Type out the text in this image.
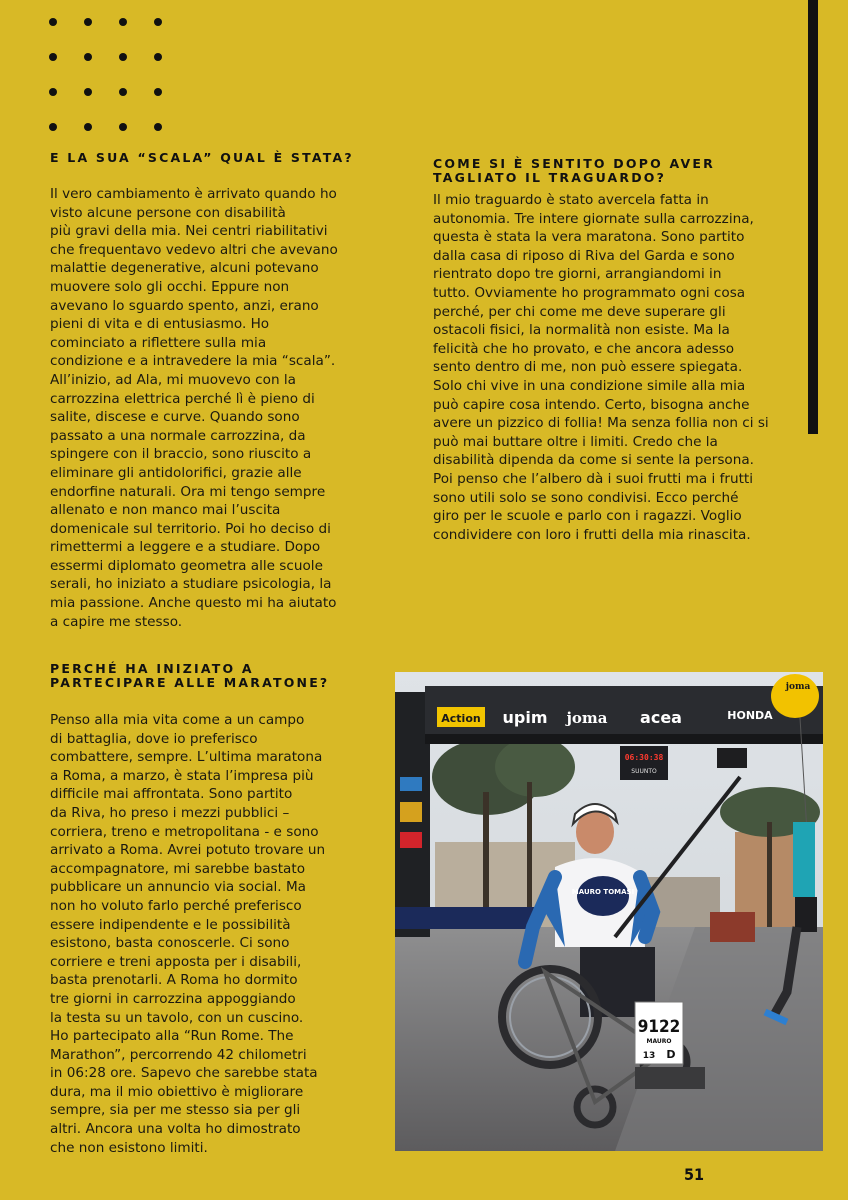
E LA SUA “SCALA” QUAL È STATA?

Il vero cambiamento è arrivato quando ho
visto alcune persone con disabilità
più gravi della mia. Nei centri riabilitativi
che frequentavo vedevo altri che avevano
malattie degenerative, alcuni potevano
muovere solo gli occhi. Eppure non
avevano lo sguardo spento, anzi, erano
pieni di vita e di entusiasmo. Ho
cominciato a riflettere sulla mia
condizione e a intravedere la mia “scala”.
All’inizio, ad Ala, mi muovevo con la
carrozzina elettrica perché lì è pieno di
salite, discese e curve. Quando sono
passato a una normale carrozzina, da
spingere con il braccio, sono riuscito a
eliminare gli antidolorifici, grazie alle
endorfine naturali. Ora mi tengo sempre
allenato e non manco mai l’uscita
domenicale sul territorio. Poi ho deciso di
rimettermi a leggere e a studiare. Dopo
essermi diplomato geometra alle scuole
serali, ho iniziato a studiare psicologia, la
mia passione. Anche questo mi ha aiutato
a capire me stesso.

COME SI È SENTITO DOPO AVER TAGLIATO IL TRAGUARDO?

Il mio traguardo è stato avercela fatta in
autonomia. Tre intere giornate sulla carrozzina,
questa è stata la vera maratona. Sono partito
dalla casa di riposo di Riva del Garda e sono
rientrato dopo tre giorni, arrangiandomi in
tutto. Ovviamente ho programmato ogni cosa
perché, per chi come me deve superare gli
ostacoli fisici, la normalità non esiste. Ma la
felicità che ho provato, e che ancora adesso
sento dentro di me, non può essere spiegata.
Solo chi vive in una condizione simile alla mia
può capire cosa intendo. Certo, bisogna anche
avere un pizzico di follia! Ma senza follia non ci si
può mai buttare oltre i limiti. Credo che la
disabilità dipenda da come si sente la persona.
Poi penso che l’albero dà i suoi frutti ma i frutti
sono utili solo se sono condivisi. Ecco perché
giro per le scuole e parlo con i ragazzi. Voglio
condividere con loro i frutti della mia rinascita.

PERCHÉ HA INIZIATO A PARTECIPARE ALLE MARATONE?

Penso alla mia vita come a un campo
di battaglia, dove io preferisco
combattere, sempre. L’ultima maratona
a Roma, a marzo, è stata l’impresa più
difficile mai affrontata. Sono partito
da Riva, ho preso i mezzi pubblici –
corriera, treno e metropolitana - e sono
arrivato a Roma. Avrei potuto trovare un
accompagnatore, mi sarebbe bastato
pubblicare un annuncio via social. Ma
non ho voluto farlo perché preferisco
essere indipendente e le possibilità
esistono, basta conoscerle. Ci sono
corriere e treni apposta per i disabili,
basta prenotarli. A Roma ho dormito
tre giorni in carrozzina appoggiando
la testa su un tavolo, con un cuscino.
Ho partecipato alla “Run Rome. The
Marathon”, percorrendo 42 chilometri
in 06:28 ore. Sapevo che sarebbe stata
dura, ma il mio obiettivo è migliorare
sempre, sia per me stesso sia per gli
altri. Ancora una volta ho dimostrato
che non esistono limiti.

Action upim joma acea	HONDA
joma
06:30:38
SUUNTO
MAURO TOMASI
9122
MAURO
13 D
51
